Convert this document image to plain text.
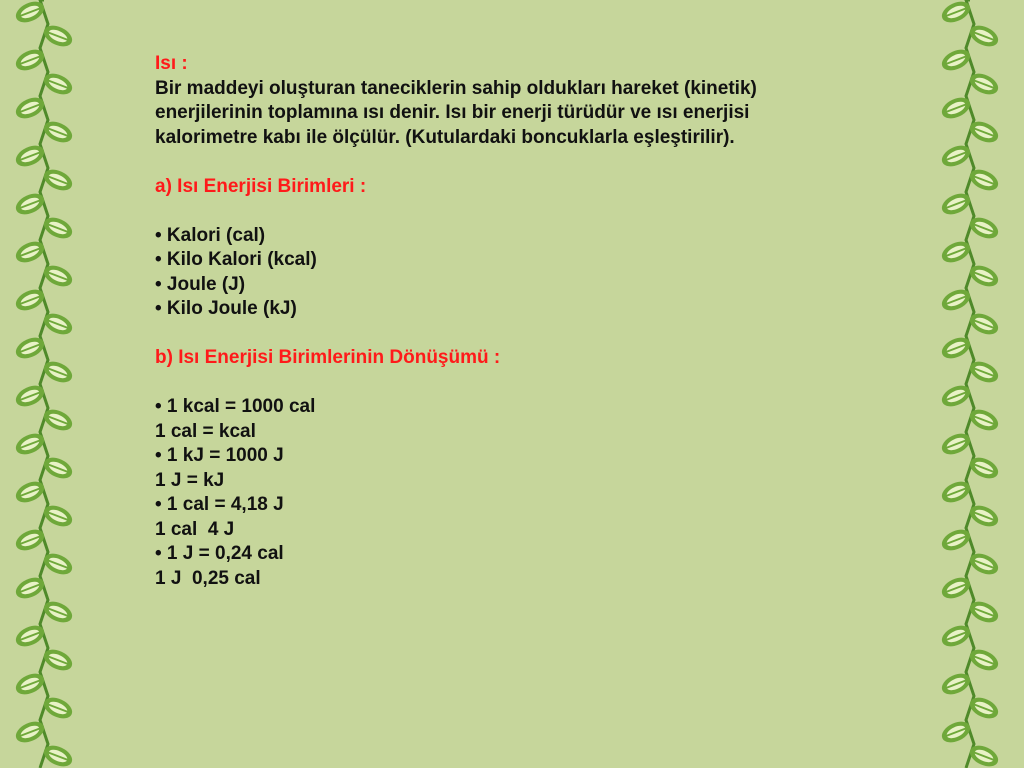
Isı :
Bir maddeyi oluşturan taneciklerin sahip oldukları hareket (kinetik)
enerjilerinin toplamına ısı denir. Isı bir enerji türüdür ve ısı enerjisi
kalorimetre kabı ile ölçülür. (Kutulardaki boncuklarla eşleştirilir).
a) Isı Enerjisi Birimleri :
• Kalori (cal)
• Kilo Kalori (kcal)
• Joule (J)
• Kilo Joule (kJ)
b) Isı Enerjisi Birimlerinin Dönüşümü :
• 1 kcal = 1000 cal
1 cal = kcal
• 1 kJ = 1000 J
1 J = kJ
• 1 cal = 4,18 J
1 cal  4 J
• 1 J = 0,24 cal
1 J  0,25 cal
